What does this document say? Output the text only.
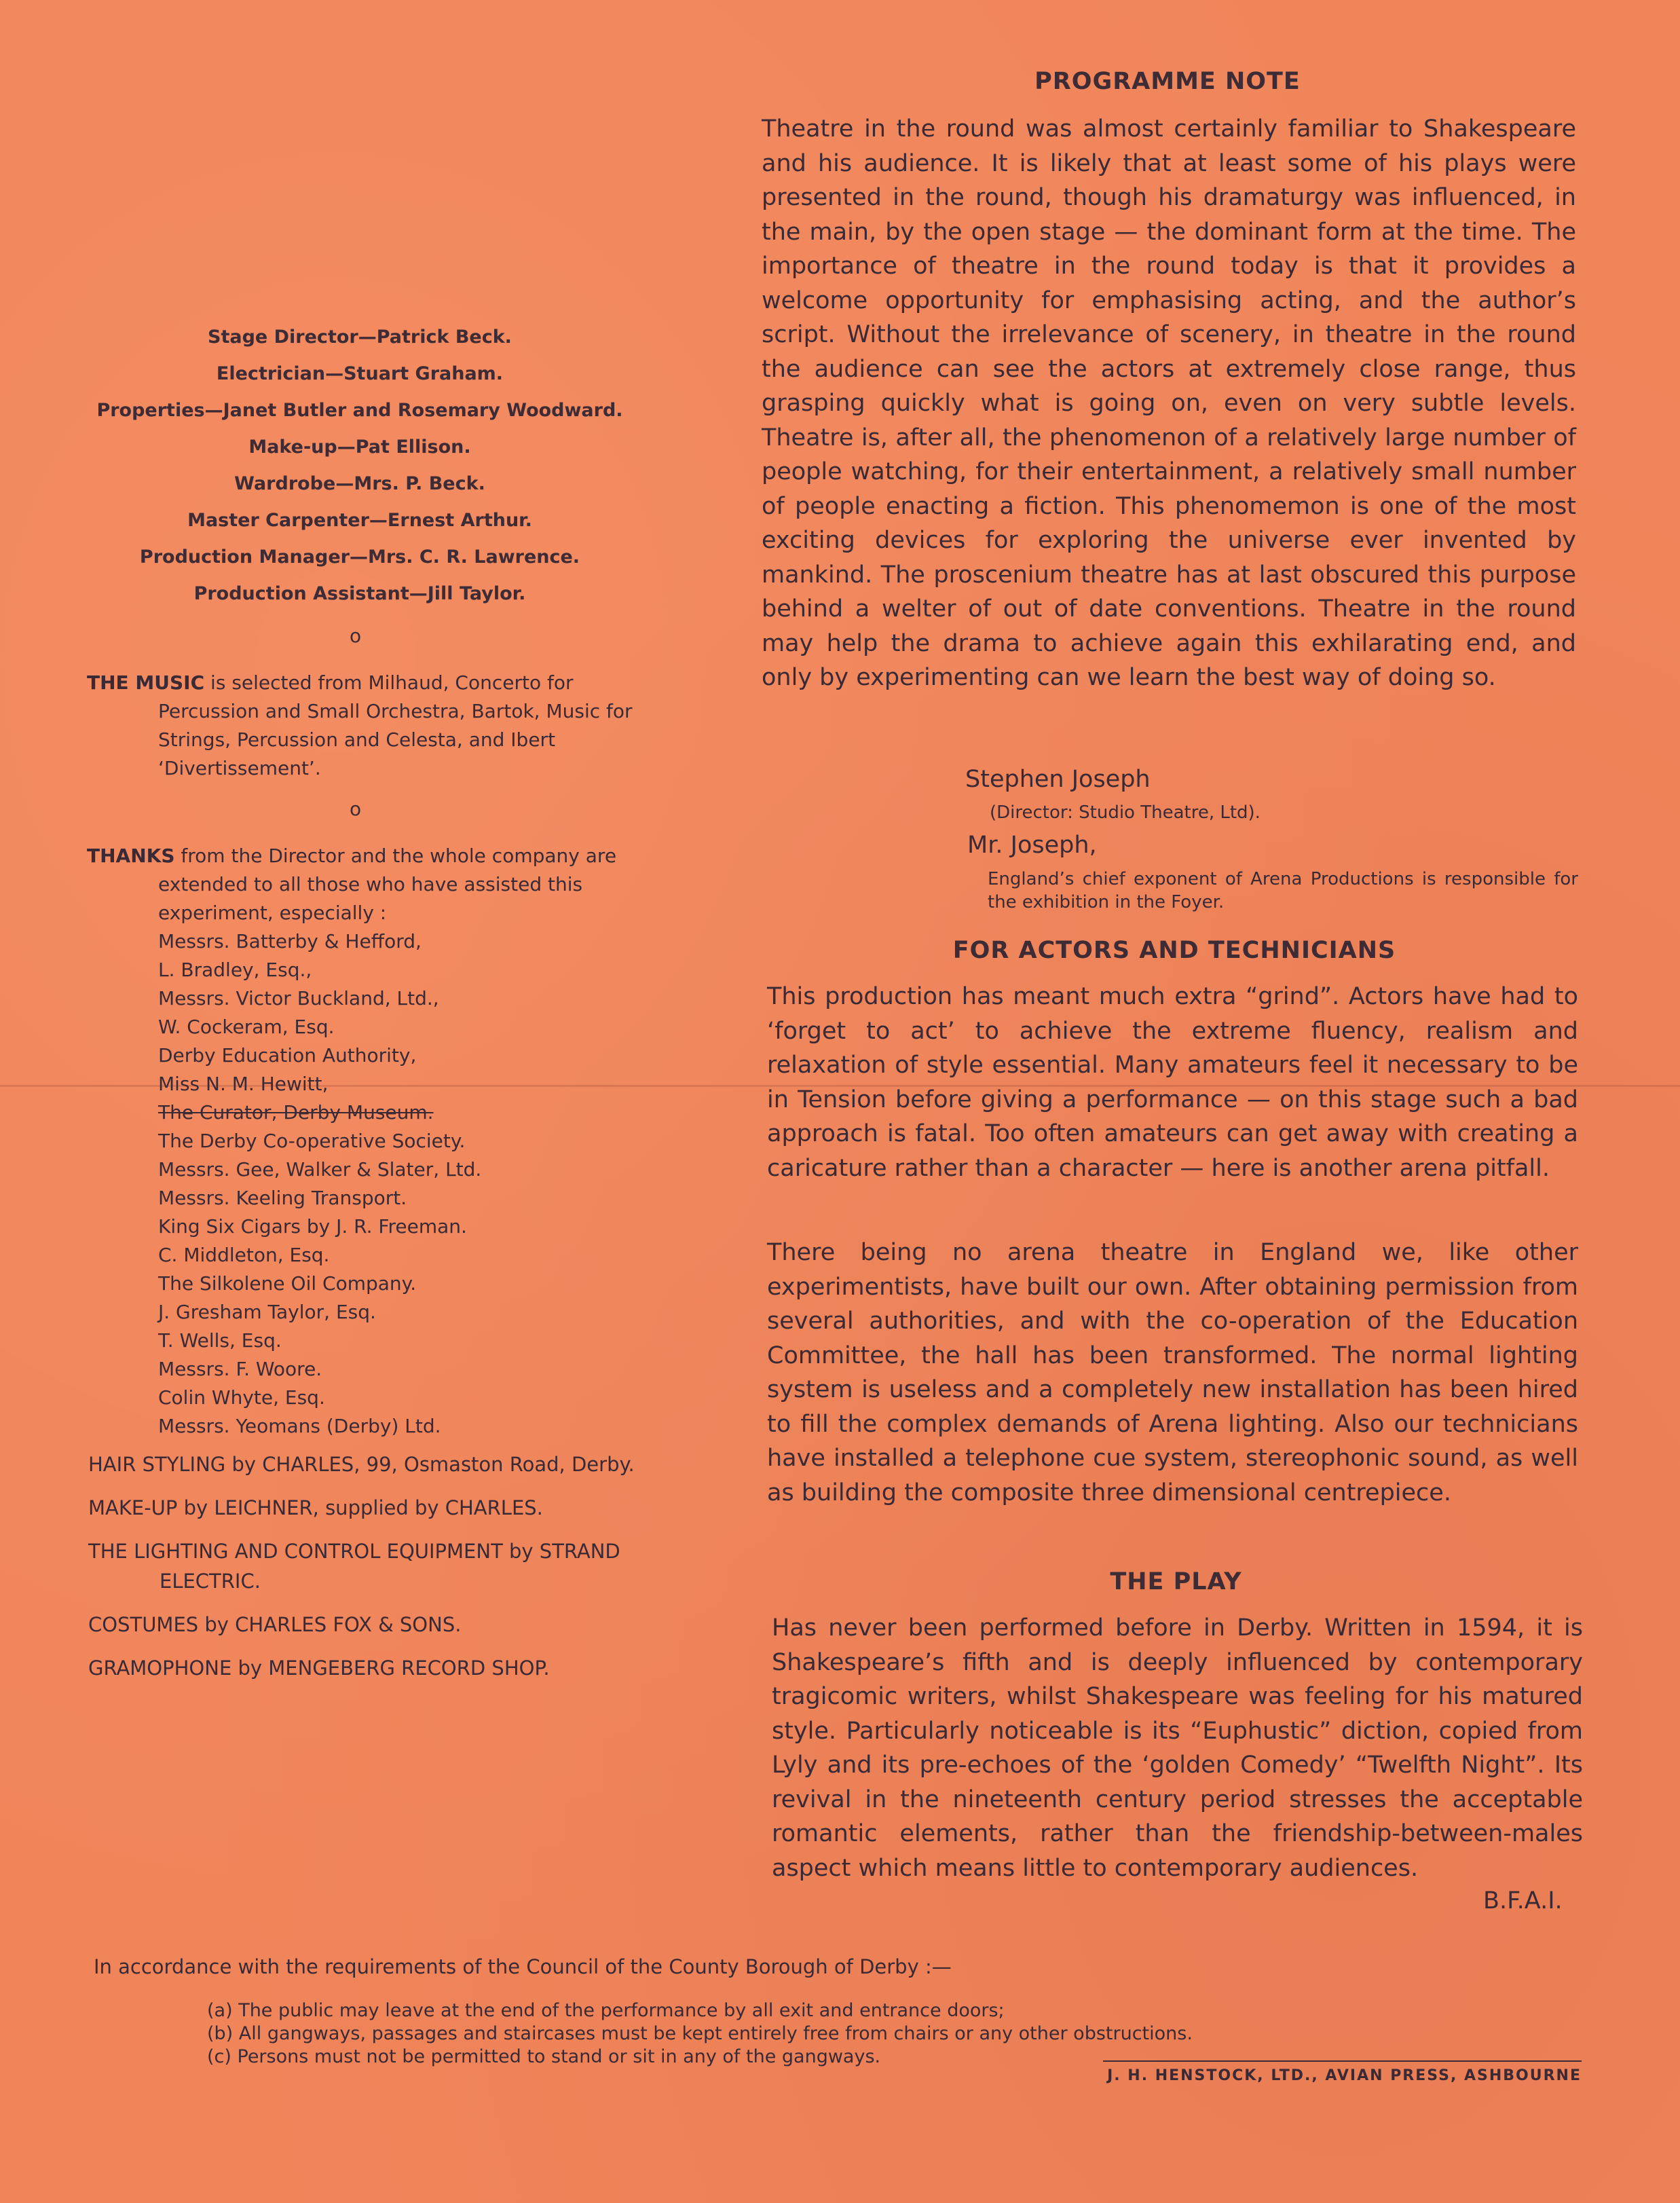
Stage Director—Patrick Beck.
Electrician—Stuart Graham.
Properties—Janet Butler and Rosemary Woodward.
Make-up—Pat Ellison.
Wardrobe—Mrs. P. Beck.
Master Carpenter—Ernest Arthur.
Production Manager—Mrs. C. R. Lawrence.
Production Assistant—Jill Taylor.
o
THE MUSIC is selected from Milhaud, Concerto for Percussion and Small Orchestra, Bartok, Music for Strings, Percussion and Celesta, and Ibert ‘Divertissement’.
o
THANKS from the Director and the whole company are extended to all those who have assisted this experiment, especially :
Messrs. Batterby & Hefford,
L. Bradley, Esq.,
Messrs. Victor Buckland, Ltd.,
W. Cockeram, Esq.
Derby Education Authority,
Miss N. M. Hewitt,
The Curator, Derby Museum.
The Derby Co-operative Society.
Messrs. Gee, Walker & Slater, Ltd.
Messrs. Keeling Transport.
King Six Cigars by J. R. Freeman.
C. Middleton, Esq.
The Silkolene Oil Company.
J. Gresham Taylor, Esq.
T. Wells, Esq.
Messrs. F. Woore.
Colin Whyte, Esq.
Messrs. Yeomans (Derby) Ltd.
HAIR STYLING by CHARLES, 99, Osmaston Road, Derby.
MAKE-UP by LEICHNER, supplied by CHARLES.
THE LIGHTING AND CONTROL EQUIPMENT by STRAND ELECTRIC.
COSTUMES by CHARLES FOX & SONS.
GRAMOPHONE by MENGEBERG RECORD SHOP.
PROGRAMME NOTE
Theatre in the round was almost certainly familiar to Shakespeare and his audience. It is likely that at least some of his plays were presented in the round, though his dramaturgy was influenced, in the main, by the open stage — the dominant form at the time. The importance of theatre in the round today is that it provides a welcome opportunity for emphasising acting, and the author’s script. Without the irrelevance of scenery, in theatre in the round the audience can see the actors at extremely close range, thus grasping quickly what is going on, even on very subtle levels. Theatre is, after all, the phenomenon of a relatively large number of people watching, for their entertainment, a relatively small number of people enacting a fiction. This phenomemon is one of the most exciting devices for exploring the universe ever invented by mankind. The proscenium theatre has at last obscured this purpose behind a welter of out of date conventions. Theatre in the round may help the drama to achieve again this exhilarating end, and only by experimenting can we learn the best way of doing so.
Stephen Joseph
(Director: Studio Theatre, Ltd).
Mr. Joseph,
England’s chief exponent of Arena Productions is responsible for the exhibition in the Foyer.
FOR ACTORS AND TECHNICIANS
This production has meant much extra “grind”. Actors have had to ‘forget to act’ to achieve the extreme fluency, realism and relaxation of style essential. Many amateurs feel it necessary to be in Tension before giving a performance — on this stage such a bad approach is fatal. Too often amateurs can get away with creating a caricature rather than a character — here is another arena pitfall.
There being no arena theatre in England we, like other experimentists, have built our own. After obtaining permission from several authorities, and with the co-operation of the Education Committee, the hall has been transformed. The normal lighting system is useless and a completely new installation has been hired to fill the complex demands of Arena lighting. Also our technicians have installed a telephone cue system, stereophonic sound, as well as building the composite three dimensional centrepiece.
THE PLAY
Has never been performed before in Derby. Written in 1594, it is Shakespeare’s fifth and is deeply influenced by contemporary tragicomic writers, whilst Shakespeare was feeling for his matured style. Particularly noticeable is its “Euphustic” diction, copied from Lyly and its pre-echoes of the ‘golden Comedy’ “Twelfth Night”. Its revival in the nineteenth century period stresses the acceptable romantic elements, rather than the friendship-between-males aspect which means little to contemporary audiences.
B.F.A.I.
In accordance with the requirements of the Council of the County Borough of Derby :—
(a) The public may leave at the end of the performance by all exit and entrance doors;
(b) All gangways, passages and staircases must be kept entirely free from chairs or any other obstructions.
(c) Persons must not be permitted to stand or sit in any of the gangways.
J. H. HENSTOCK, LTD., AVIAN PRESS, ASHBOURNE
